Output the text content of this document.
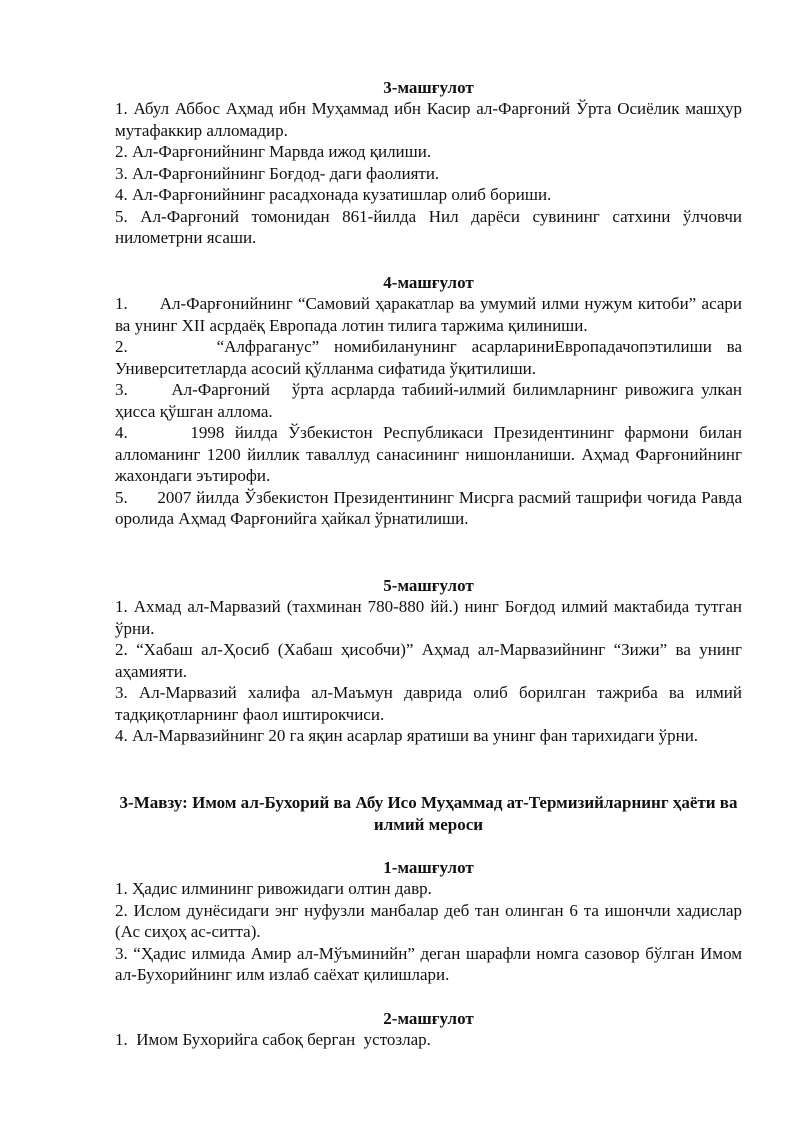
3-машғулот

1. Абул Аббос Аҳмад ибн Муҳаммад ибн Касир ал-Фарғоний Ўрта Осиёлик машҳур мутафаккир алломадир.

2. Ал-Фарғонийнинг Марвда ижод қилиши.

3. Ал-Фарғонийнинг Боғдод- даги фаолияти.

4. Ал-Фарғонийнинг расадхонада кузатишлар олиб бориши.

5. Ал-Фарғоний томонидан 861-йилда Нил дарёси сувининг сатхини ўлчовчи нилометрни ясаши.

4-машғулот

1.      Ал-Фарғонийнинг “Самовий ҳаракатлар ва умумий илми нужум китоби” асари ва унинг XII асрдаёқ Европада лотин тилига таржима қилиниши.

2.      “Алфраганус” номибиланунинг асарлариниЕвропадачопэтилиши ва Университетларда асосий қўлланма сифатида ўқитилиши.

3.      Ал-Фарғоний   ўрта асрларда табиий-илмий билимларнинг ривожига улкан ҳисса қўшган аллома.

4.      1998 йилда Ўзбекистон Республикаси Президентининг фармони билан алломанинг 1200 йиллик таваллуд санасининг нишонланиши. Аҳмад Фарғонийнинг жахондаги эътирофи.

5.      2007 йилда Ўзбекистон Президентининг Мисрга расмий ташрифи чоғида Равда оролида Аҳмад Фарғонийга ҳайкал ўрнатилиши.

5-машғулот

1. Ахмад ал-Марвазий (тахминан 780-880 йй.) нинг Боғдод илмий мактабида тутган ўрни.

2. “Хабаш ал-Ҳосиб (Хабаш ҳисобчи)” Аҳмад ал-Марвазийнинг “Зижи” ва унинг аҳамияти.

3. Ал-Марвазий халифа ал-Маъмун даврида олиб борилган тажриба ва илмий тадқиқотларнинг фаол иштирокчиси.

4. Ал-Марвазийнинг 20 га яқин асарлар яратиши ва унинг фан тарихидаги ўрни.

3-Мавзу: Имом ал-Бухорий ва Абу Исо Муҳаммад ат-Термизийларнинг ҳаёти ва илмий мероси
1-машғулот

1. Ҳадис илмининг ривожидаги олтин давр.

2. Ислом дунёсидаги энг нуфузли манбалар деб тан олинган 6 та ишончли хадислар (Ас сиҳоҳ ас-ситта).

3. “Ҳадис илмида Амир ал-Мўъминийн” деган шарафли номга сазовор бўлган Имом ал-Бухорийнинг илм излаб саёхат қилишлари.

2-машғулот

1.  Имом Бухорийга сабоқ берган  устозлар.
